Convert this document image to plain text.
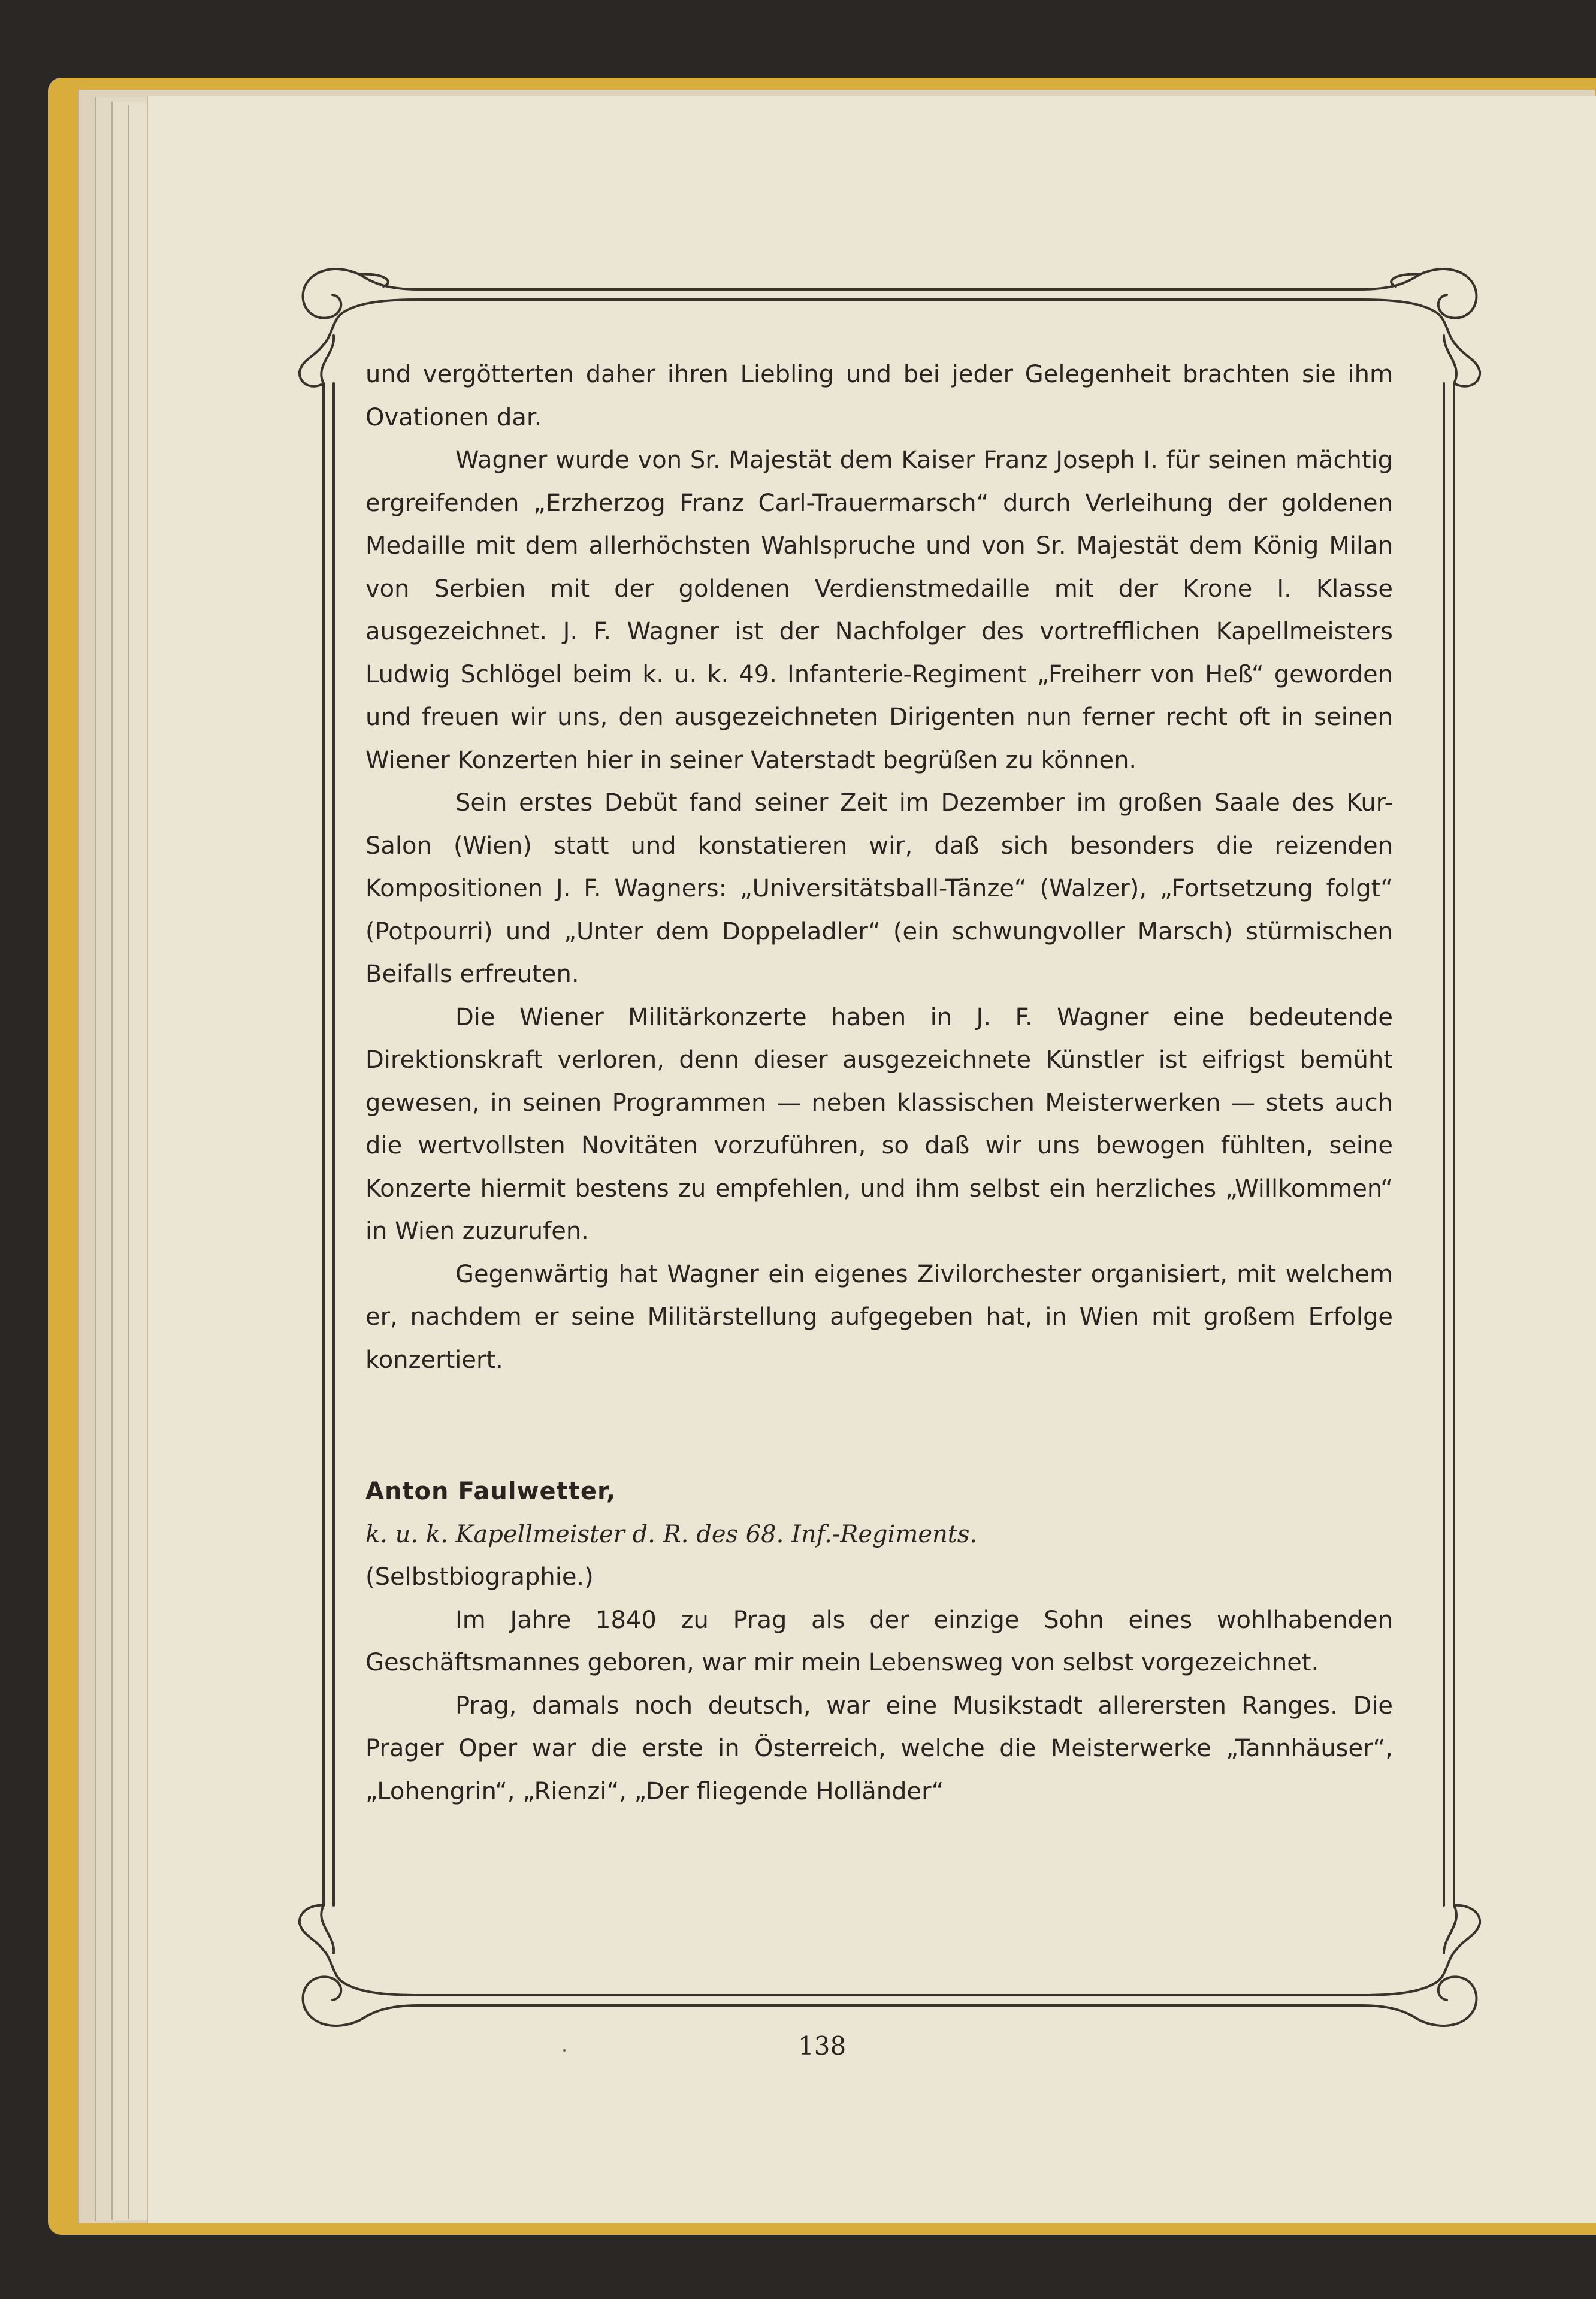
und vergötterten daher ihren Liebling und bei jeder Gelegenheit brachten sie ihm Ovationen dar.

Wagner wurde von Sr. Majestät dem Kaiser Franz Joseph I. für seinen mächtig ergreifenden „Erzherzog Franz Carl-Trauermarsch“ durch Verleihung der goldenen Medaille mit dem allerhöchsten Wahlspruche und von Sr. Majestät dem König Milan von Serbien mit der goldenen Verdienstmedaille mit der Krone I. Klasse ausgezeichnet. J. F. Wagner ist der Nachfolger des vortrefflichen Kapellmeisters Ludwig Schlögel beim k. u. k. 49. Infanterie-Regiment „Freiherr von Heß“ geworden und freuen wir uns, den ausgezeichneten Dirigenten nun ferner recht oft in seinen Wiener Konzerten hier in seiner Vaterstadt begrüßen zu können.

Sein erstes Debüt fand seiner Zeit im Dezember im großen Saale des Kur-Salon (Wien) statt und konstatieren wir, daß sich besonders die reizenden Kompositionen J. F. Wagners: „Universitätsball-Tänze“ (Walzer), „Fortsetzung folgt“ (Potpourri) und „Unter dem Doppeladler“ (ein schwungvoller Marsch) stürmischen Beifalls erfreuten.

Die Wiener Militärkonzerte haben in J. F. Wagner eine bedeutende Direktionskraft verloren, denn dieser ausgezeichnete Künstler ist eifrigst bemüht gewesen, in seinen Programmen — neben klassischen Meisterwerken — stets auch die wertvollsten Novitäten vorzuführen, so daß wir uns bewogen fühlten, seine Konzerte hiermit bestens zu empfehlen, und ihm selbst ein herzliches „Willkommen“ in Wien zuzurufen.

Gegenwärtig hat Wagner ein eigenes Zivilorchester organisiert, mit welchem er, nachdem er seine Militärstellung aufgegeben hat, in Wien mit großem Erfolge konzertiert.

Anton Faulwetter,

k. u. k. Kapellmeister d. R. des 68. Inf.-Regiments.

(Selbstbiographie.)

Im Jahre 1840 zu Prag als der einzige Sohn eines wohlhabenden Geschäftsmannes geboren, war mir mein Lebensweg von selbst vorgezeichnet.

Prag, damals noch deutsch, war eine Musikstadt allerersten Ranges. Die Prager Oper war die erste in Österreich, welche die Meisterwerke „Tannhäuser“, „Lohengrin“, „Rienzi“, „Der fliegende Holländer“

138
